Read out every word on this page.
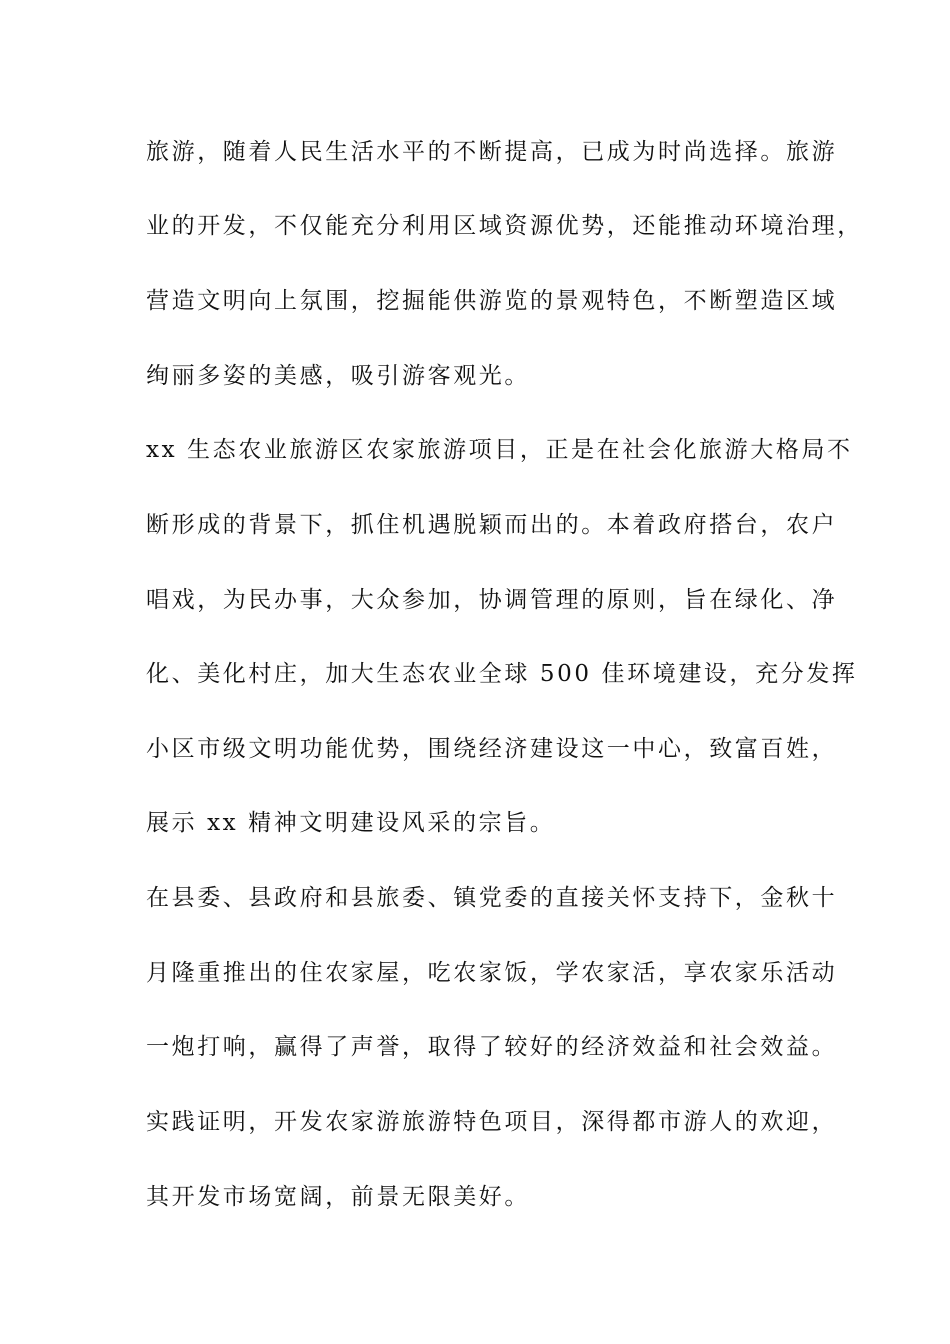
旅游，随着人民生活水平的不断提高，已成为时尚选择。旅游
业的开发，不仅能充分利用区域资源优势，还能推动环境治理，
营造文明向上氛围，挖掘能供游览的景观特色，不断塑造区域
绚丽多姿的美感，吸引游客观光。
xx 生态农业旅游区农家旅游项目，正是在社会化旅游大格局不
断形成的背景下，抓住机遇脱颖而出的。本着政府搭台，农户
唱戏，为民办事，大众参加，协调管理的原则，旨在绿化、净
化、美化村庄，加大生态农业全球 500 佳环境建设，充分发挥
小区市级文明功能优势，围绕经济建设这一中心，致富百姓，
展示 xx 精神文明建设风采的宗旨。
在县委、县政府和县旅委、镇党委的直接关怀支持下，金秋十
月隆重推出的住农家屋，吃农家饭，学农家活，享农家乐活动
一炮打响，赢得了声誉，取得了较好的经济效益和社会效益。
实践证明，开发农家游旅游特色项目，深得都市游人的欢迎，
其开发市场宽阔，前景无限美好。
